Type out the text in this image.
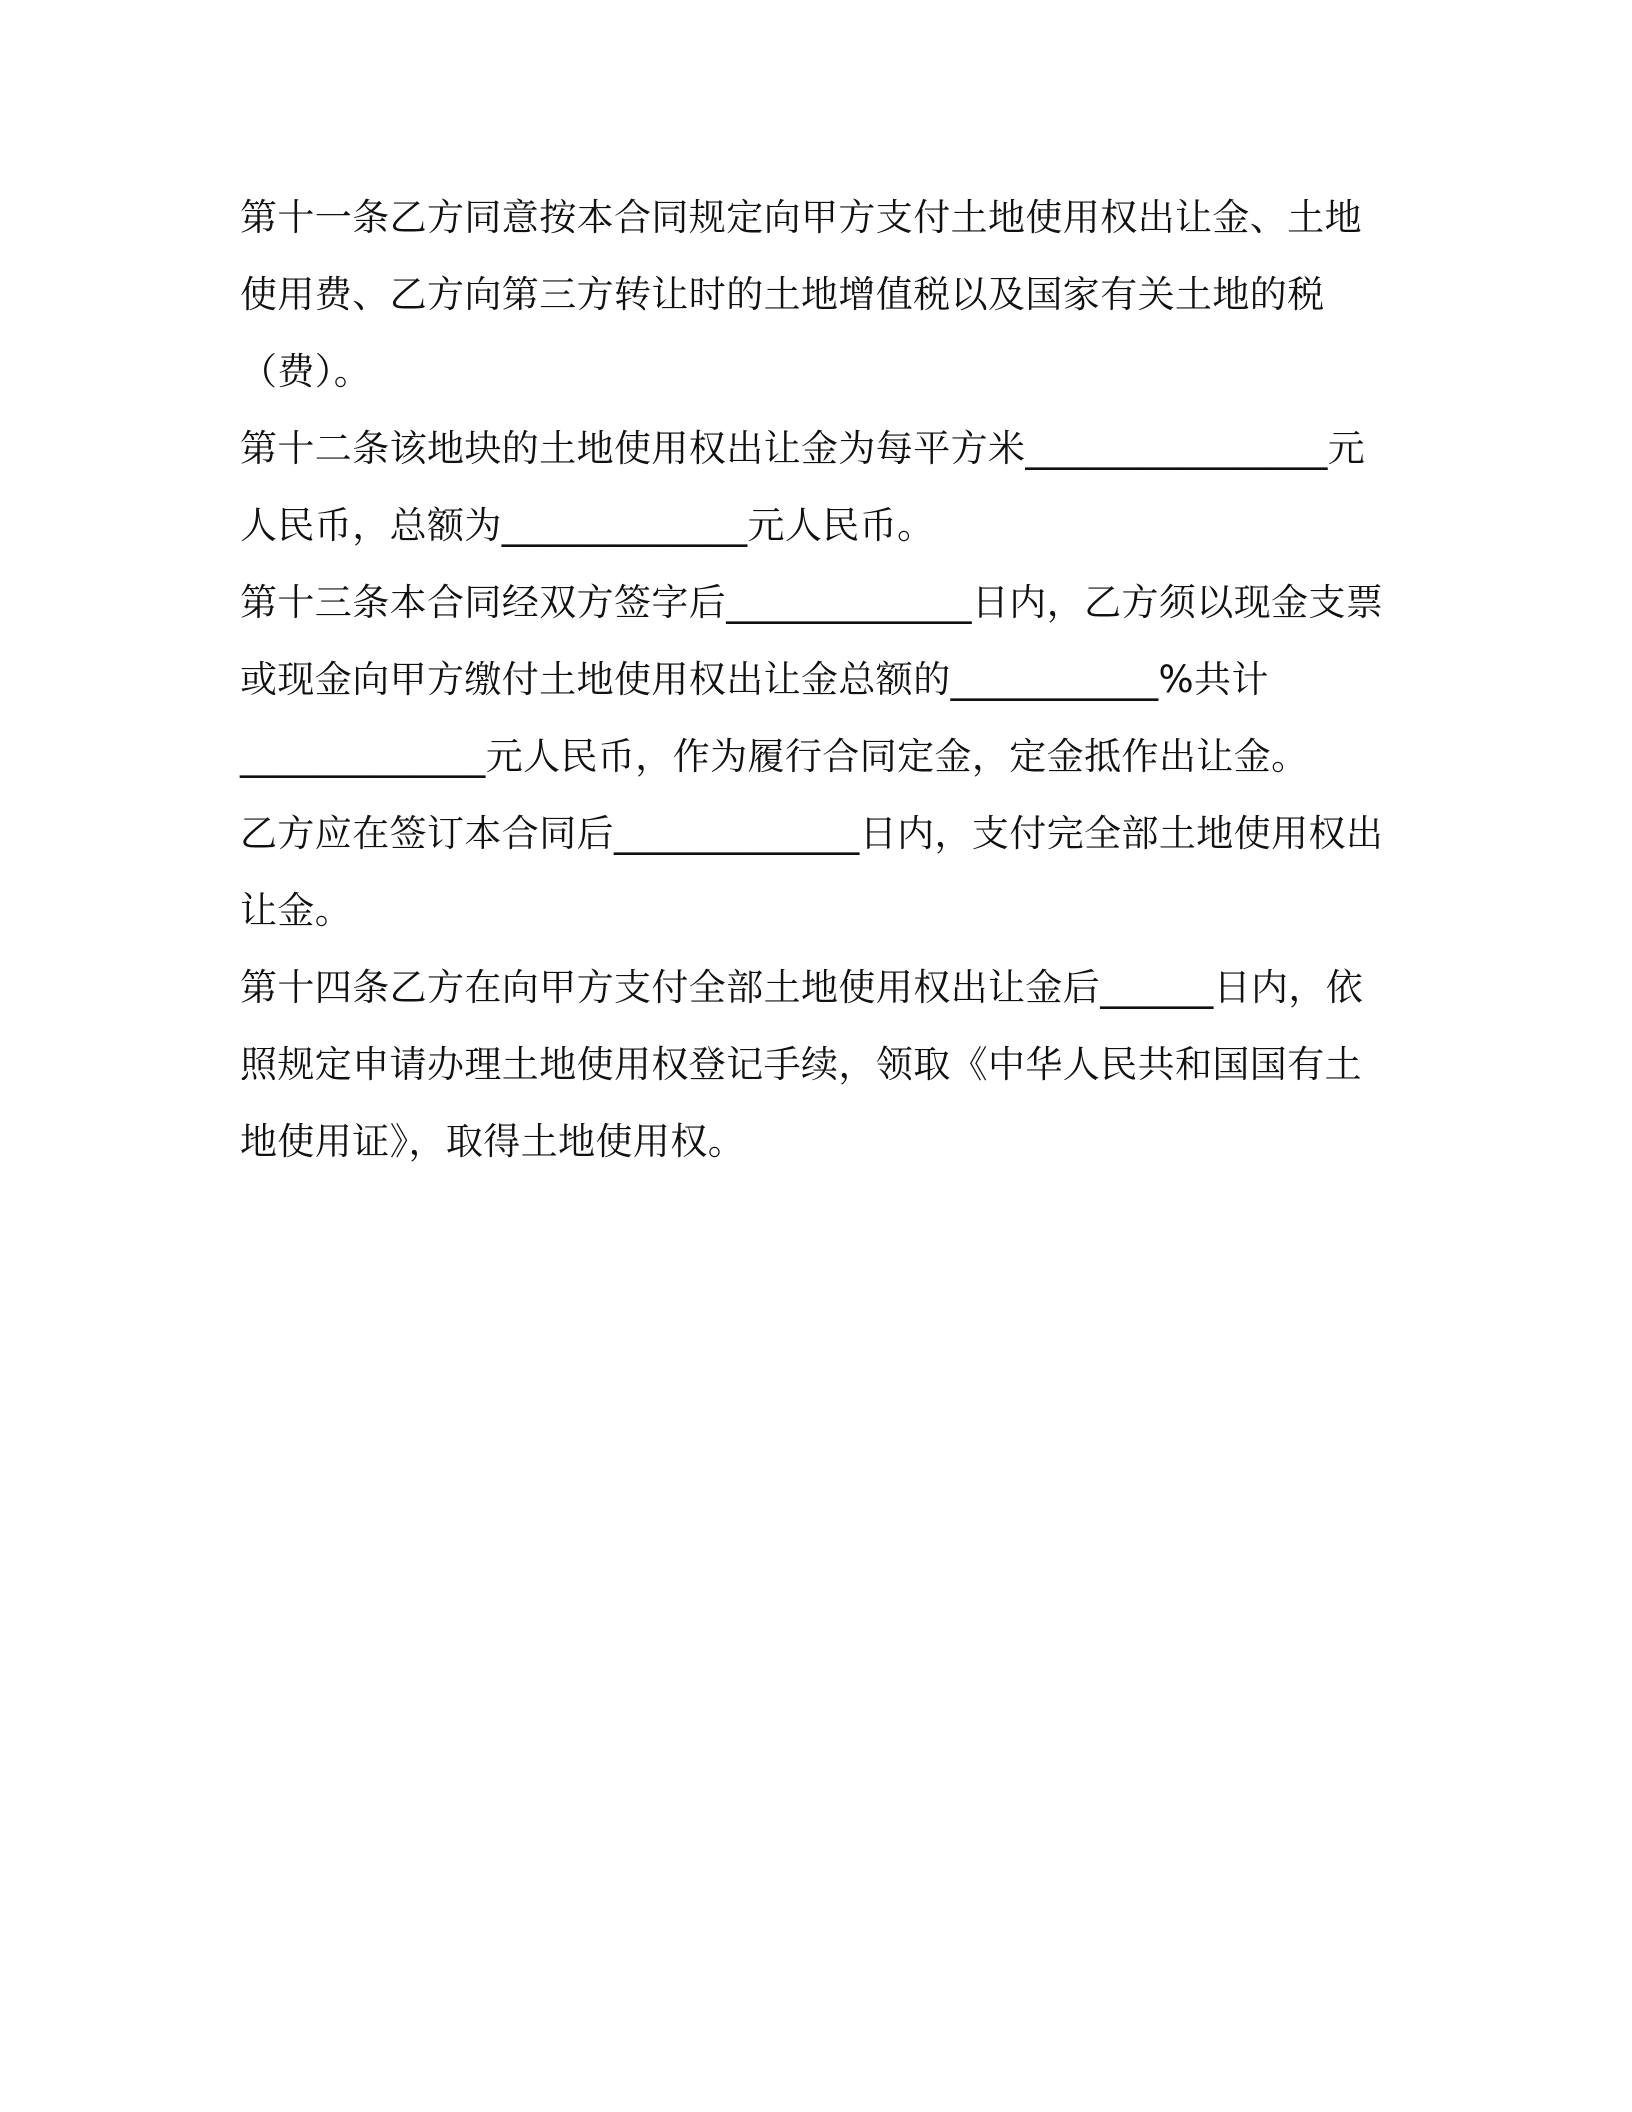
第十一条乙方同意按本合同规定向甲方支付土地使用权出让金、土地
使用费、乙方向第三方转让时的土地增值税以及国家有关土地的税
（费）。
第十二条该地块的土地使用权出让金为每平方米________________元
人民币，总额为_____________元人民币。
第十三条本合同经双方签字后_____________日内，乙方须以现金支票
或现金向甲方缴付土地使用权出让金总额的___________%共计
_____________元人民币，作为履行合同定金，定金抵作出让金。
乙方应在签订本合同后_____________日内，支付完全部土地使用权出
让金。
第十四条乙方在向甲方支付全部土地使用权出让金后______日内，依
照规定申请办理土地使用权登记手续，领取《中华人民共和国国有土
地使用证》，取得土地使用权。
